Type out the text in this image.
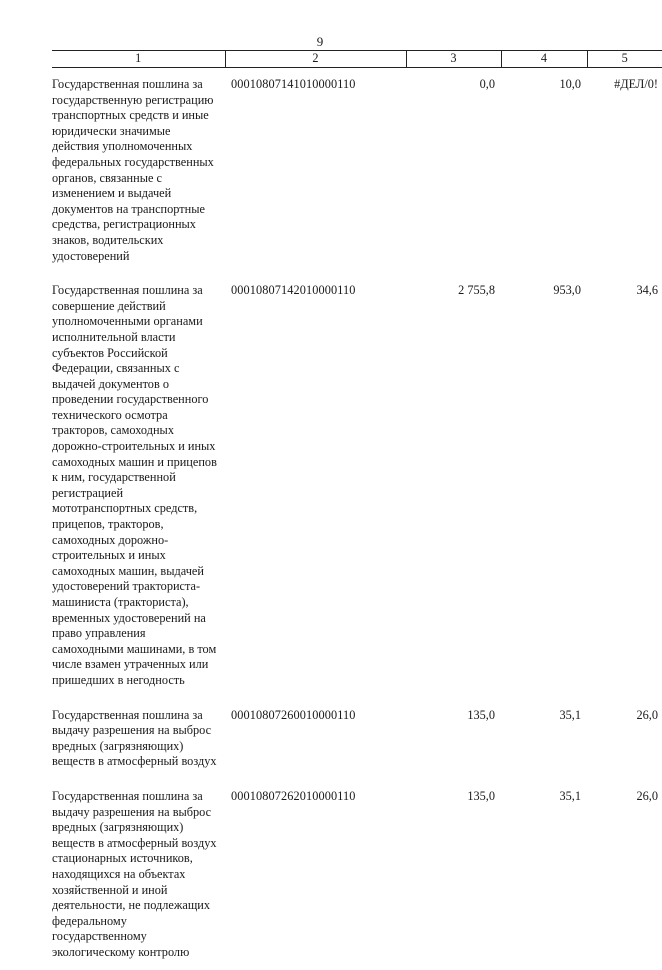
9
1	2	3	4	5
Государственная пошлина за государственную регистрацию транспортных средств и иные юридически значимые действия уполномоченных федеральных государственных органов, связанные с изменением и выдачей документов на транспортные средства, регистрационных знаков, водительских удостоверений	00010807141010000110	0,0	10,0	#ДЕЛ/0!
Государственная пошлина за совершение действий уполномоченными органами исполнительной власти субъектов Российской Федерации, связанных с выдачей документов о проведении государственного технического осмотра тракторов, самоходных дорожно-строительных и иных самоходных машин и прицепов к ним, государственной регистрацией мототранспортных средств, прицепов, тракторов, самоходных дорожно-строительных и иных самоходных машин, выдачей удостоверений тракториста-машиниста (тракториста), временных удостоверений на право управления самоходными машинами, в том числе взамен утраченных или пришедших в негодность	00010807142010000110	2 755,8	953,0	34,6
Государственная пошлина за выдачу разрешения на выброс вредных (загрязняющих) веществ в атмосферный воздух	00010807260010000110	135,0	35,1	26,0
Государственная пошлина за выдачу разрешения на выброс вредных (загрязняющих) веществ в атмосферный воздух стационарных источников, находящихся на объектах хозяйственной и иной деятельности, не подлежащих федеральному государственному экологическому контролю	00010807262010000110	135,0	35,1	26,0
